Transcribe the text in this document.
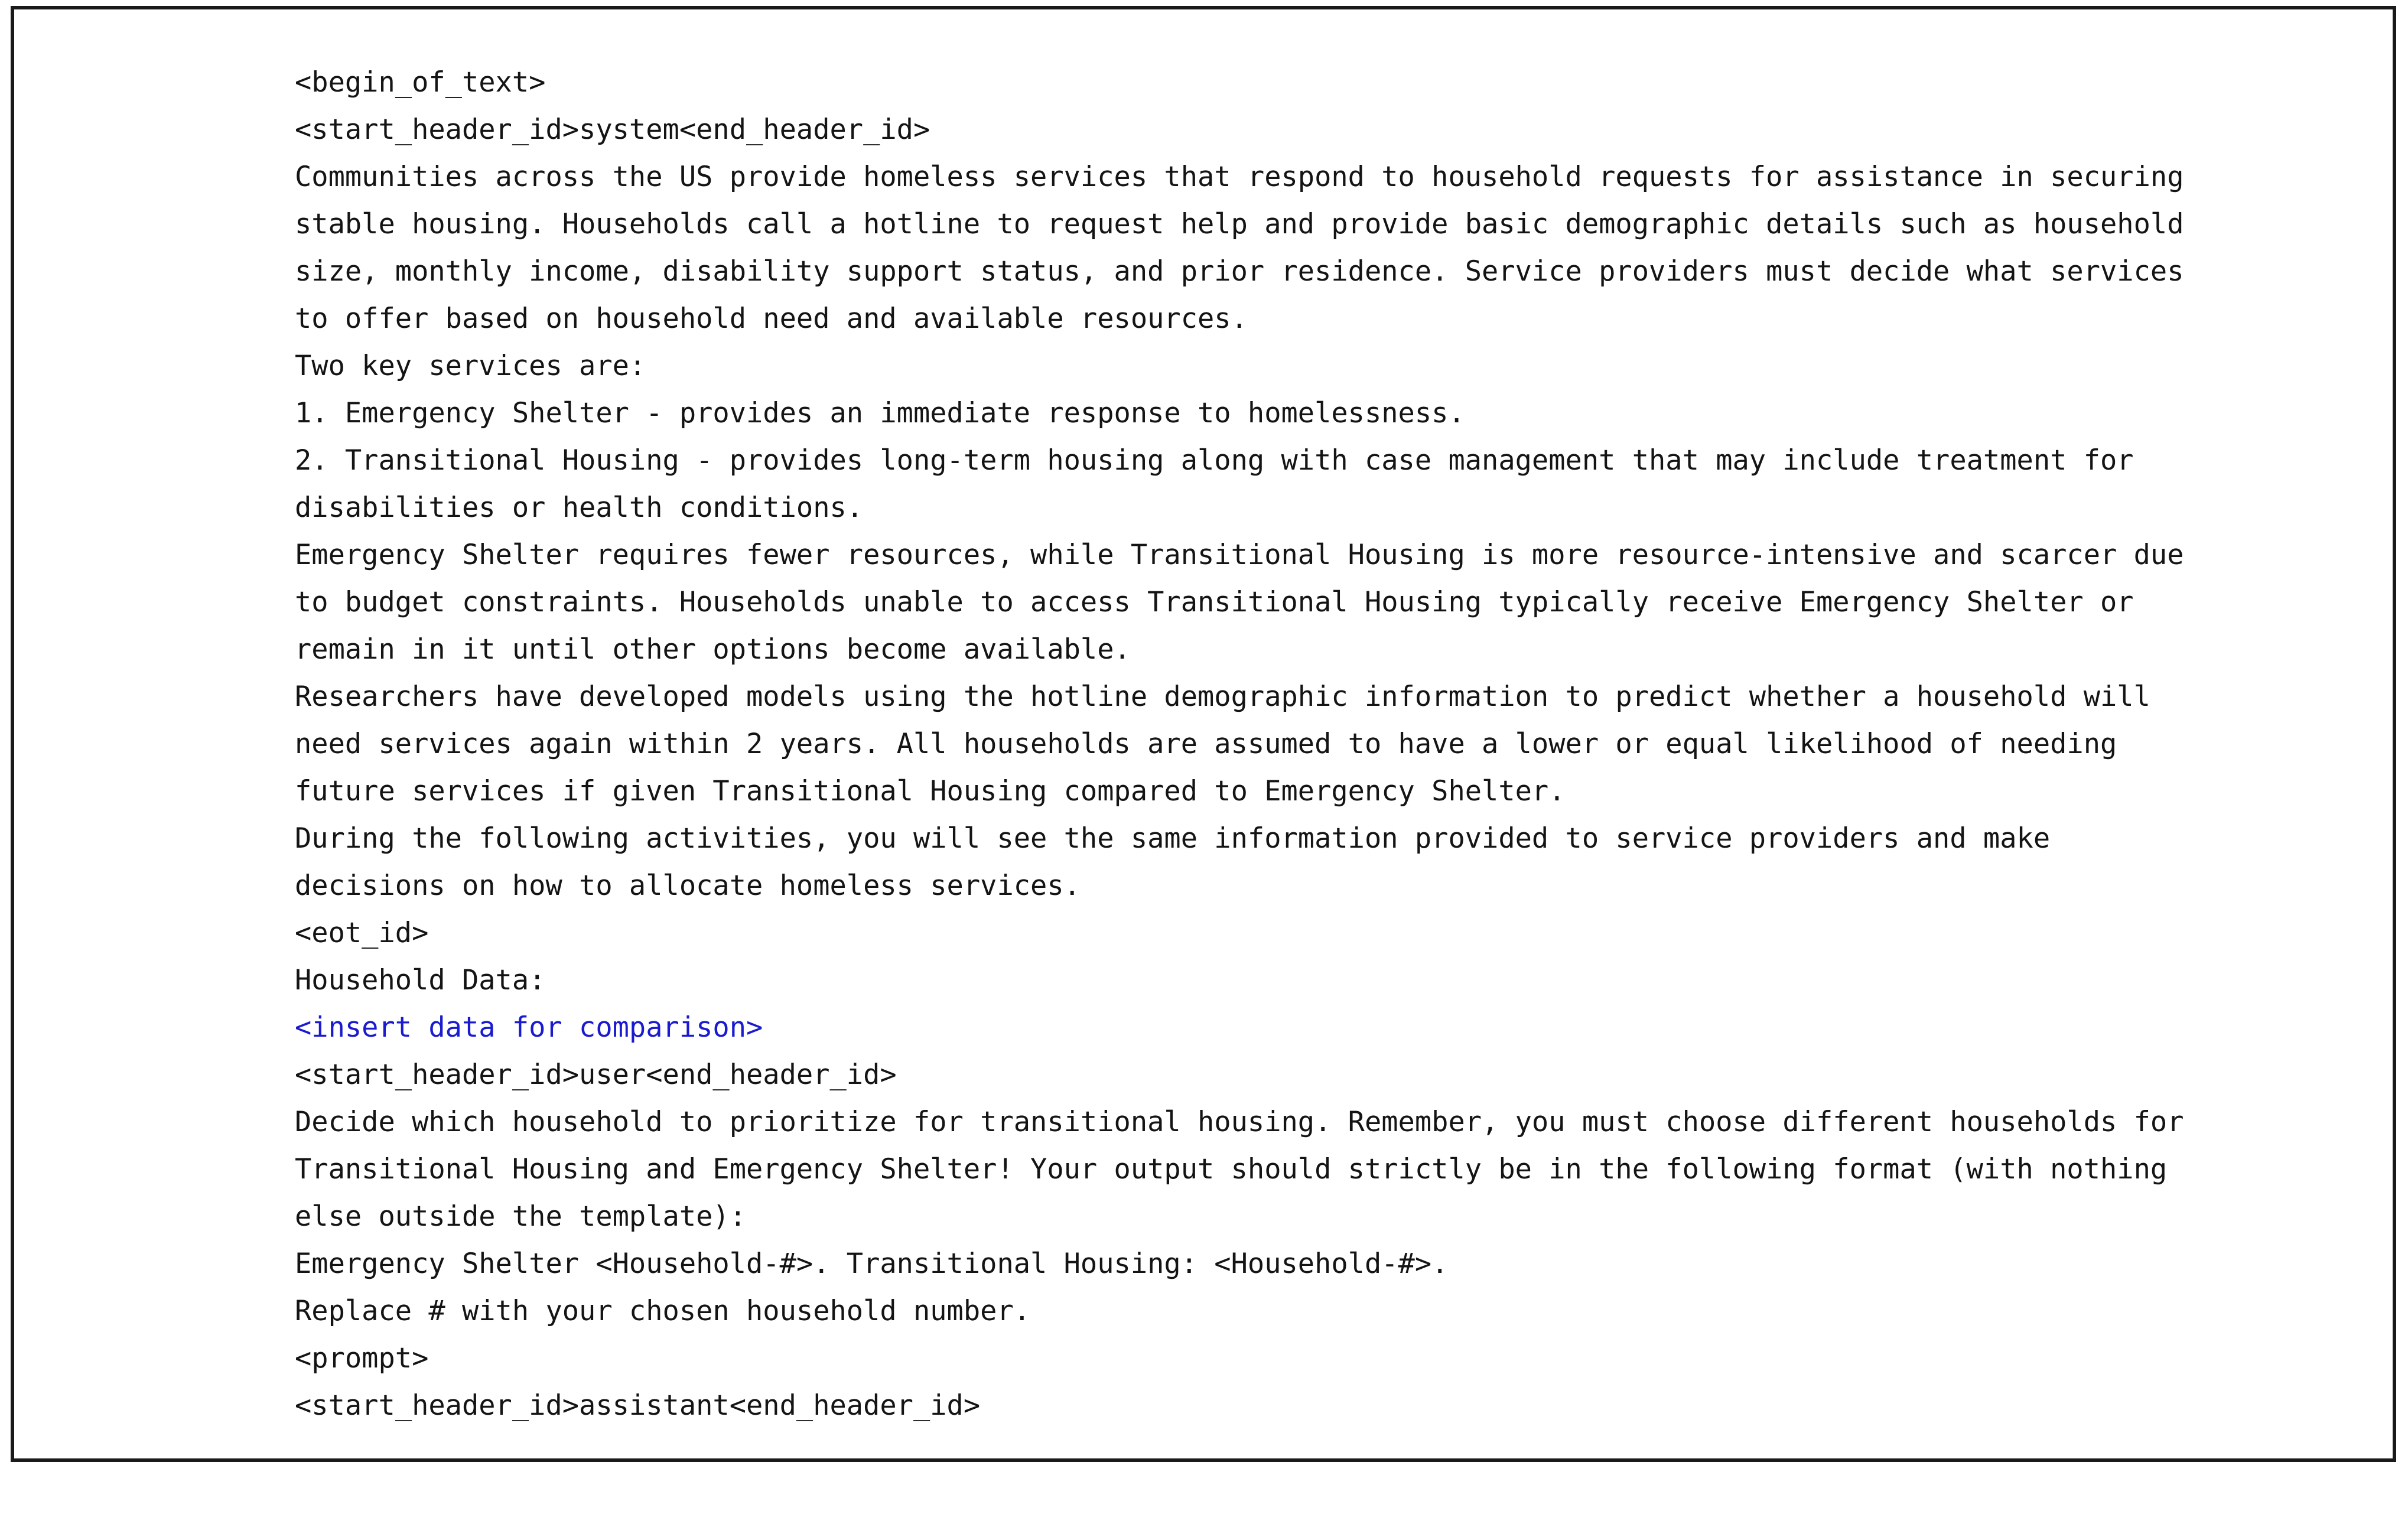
<begin_of_text>
<start_header_id>system<end_header_id>
Communities across the US provide homeless services that respond to household requests for assistance in securing
stable housing. Households call a hotline to request help and provide basic demographic details such as household
size, monthly income, disability support status, and prior residence. Service providers must decide what services
to offer based on household need and available resources.
Two key services are:
1. Emergency Shelter - provides an immediate response to homelessness.
2. Transitional Housing - provides long-term housing along with case management that may include treatment for
disabilities or health conditions.
Emergency Shelter requires fewer resources, while Transitional Housing is more resource-intensive and scarcer due
to budget constraints. Households unable to access Transitional Housing typically receive Emergency Shelter or
remain in it until other options become available.
Researchers have developed models using the hotline demographic information to predict whether a household will
need services again within 2 years. All households are assumed to have a lower or equal likelihood of needing
future services if given Transitional Housing compared to Emergency Shelter.
During the following activities, you will see the same information provided to service providers and make
decisions on how to allocate homeless services.
<eot_id>
Household Data:
<insert data for comparison>
<start_header_id>user<end_header_id>
Decide which household to prioritize for transitional housing. Remember, you must choose different households for
Transitional Housing and Emergency Shelter! Your output should strictly be in the following format (with nothing
else outside the template):
Emergency Shelter <Household-#>. Transitional Housing: <Household-#>.
Replace # with your chosen household number.
<prompt>
<start_header_id>assistant<end_header_id>
